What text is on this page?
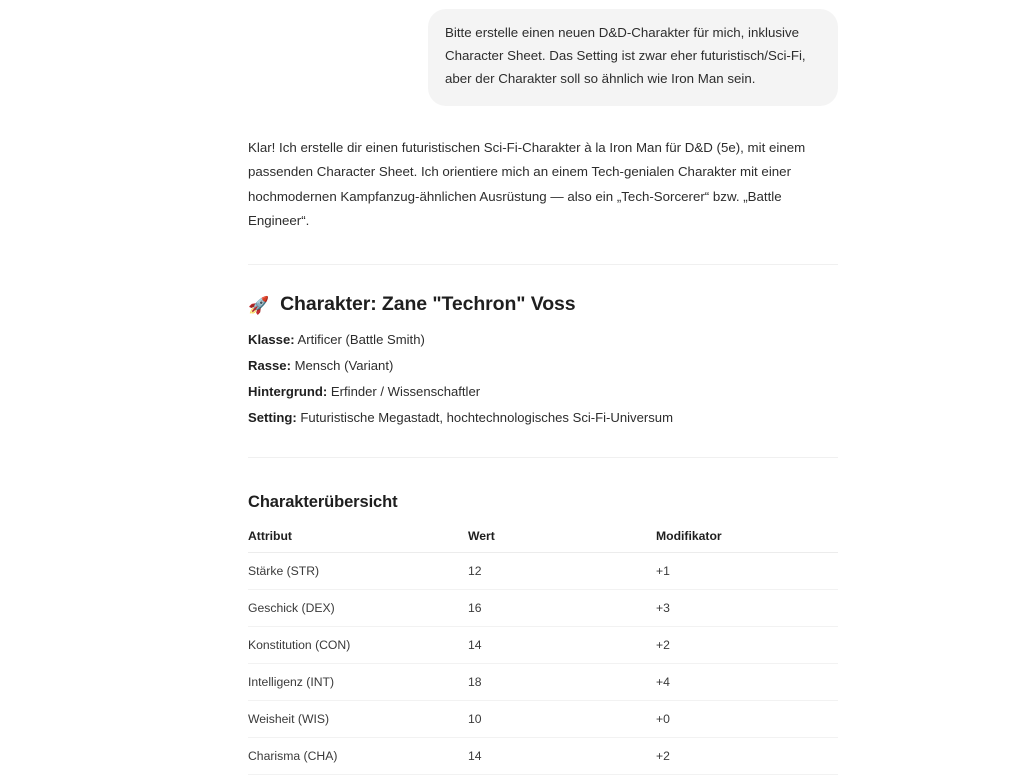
Bitte erstelle einen neuen D&D-Charakter für mich, inklusive Character Sheet. Das Setting ist zwar eher futuristisch/Sci-Fi, aber der Charakter soll so ähnlich wie Iron Man sein.
Klar! Ich erstelle dir einen futuristischen Sci-Fi-Charakter à la Iron Man für D&D (5e), mit einem passenden Character Sheet. Ich orientiere mich an einem Tech-genialen Charakter mit einer hochmodernen Kampfanzug-ähnlichen Ausrüstung — also ein „Tech-Sorcerer“ bzw. „Battle Engineer“.
🚀 Charakter: Zane "Techron" Voss
Klasse: Artificer (Battle Smith)
Rasse: Mensch (Variant)
Hintergrund: Erfinder / Wissenschaftler
Setting: Futuristische Megastadt, hochtechnologisches Sci-Fi-Universum
Charakterübersicht
Attribut	Wert	Modifikator
Stärke (STR)	12	+1
Geschick (DEX)	16	+3
Konstitution (CON)	14	+2
Intelligenz (INT)	18	+4
Weisheit (WIS)	10	+0
Charisma (CHA)	14	+2
